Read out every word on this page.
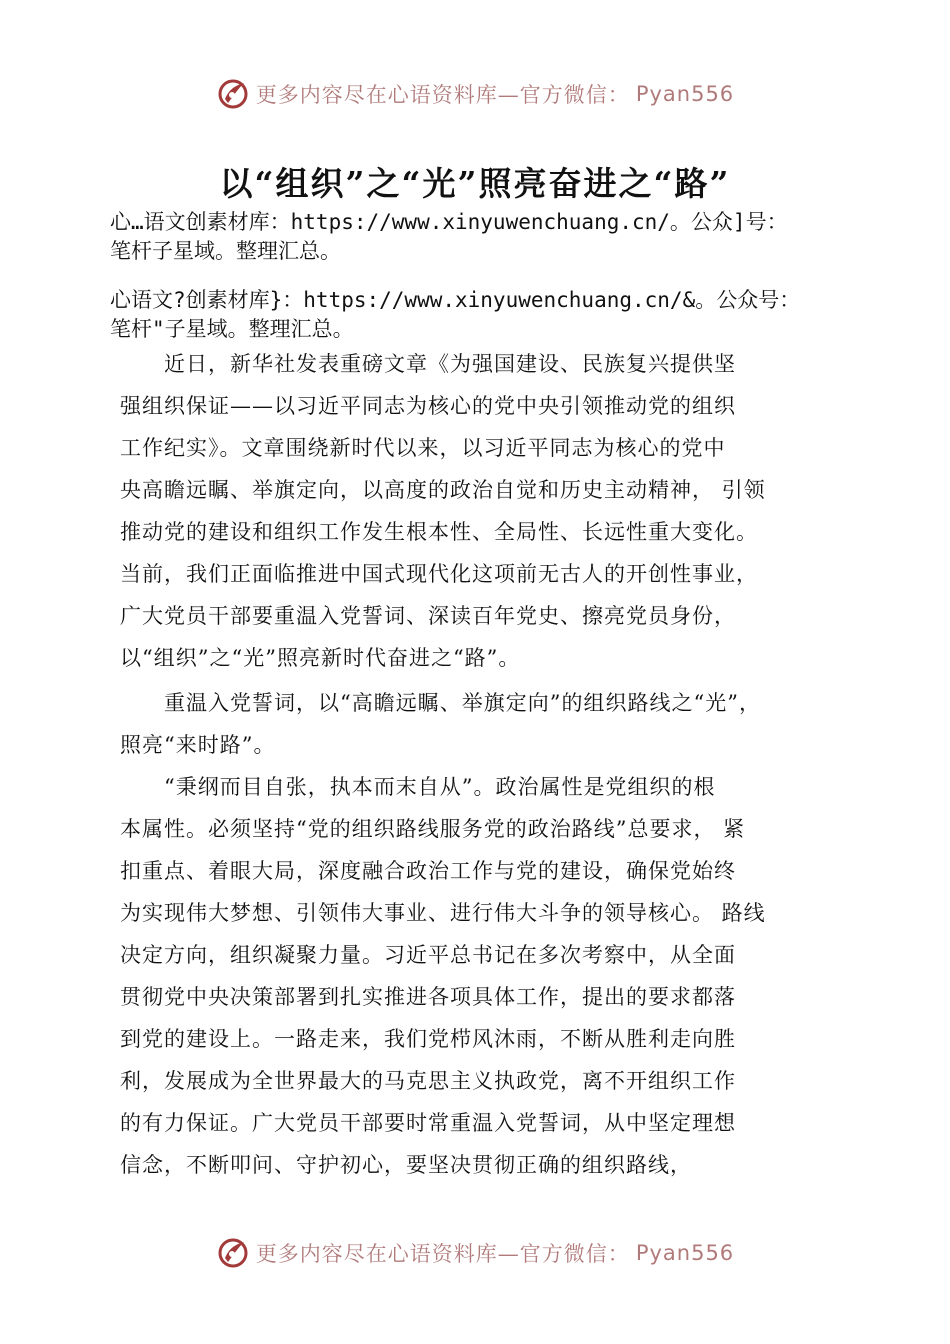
更多内容尽在心语资料库—官方微信： Pyan556
以“组织”之“光”照亮奋进之“路”
心…语文创素材库：https://www.xinyuwenchuang.cn/。公众]号：
笔杆子星域。整理汇总。
心语文?创素材库}：https://www.xinyuwenchuang.cn/&。公众号：
笔杆"子星域。整理汇总。

　　近日，新华社发表重磅文章《为强国建设、民族复兴提供坚

强组织保证——以习近平同志为核心的党中央引领推动党的组织

工作纪实》。文章围绕新时代以来，以习近平同志为核心的党中

央高瞻远瞩、举旗定向，以高度的政治自觉和历史主动精神， 引领

推动党的建设和组织工作发生根本性、全局性、长远性重大变化。

当前，我们正面临推进中国式现代化这项前无古人的开创性事业，

广大党员干部要重温入党誓词、深读百年党史、擦亮党员身份，

以“组织”之“光”照亮新时代奋进之“路”。

　　重温入党誓词，以“高瞻远瞩、举旗定向”的组织路线之“光”，

照亮“来时路”。

　　“秉纲而目自张，执本而末自从”。政治属性是党组织的根

本属性。必须坚持“党的组织路线服务党的政治路线”总要求， 紧

扣重点、着眼大局，深度融合政治工作与党的建设，确保党始终

为实现伟大梦想、引领伟大事业、进行伟大斗争的领导核心。 路线

决定方向，组织凝聚力量。习近平总书记在多次考察中，从全面

贯彻党中央决策部署到扎实推进各项具体工作，提出的要求都落

到党的建设上。一路走来，我们党栉风沐雨，不断从胜利走向胜

利，发展成为全世界最大的马克思主义执政党，离不开组织工作

的有力保证。广大党员干部要时常重温入党誓词，从中坚定理想

信念，不断叩问、守护初心，要坚决贯彻正确的组织路线，

更多内容尽在心语资料库—官方微信： Pyan556
